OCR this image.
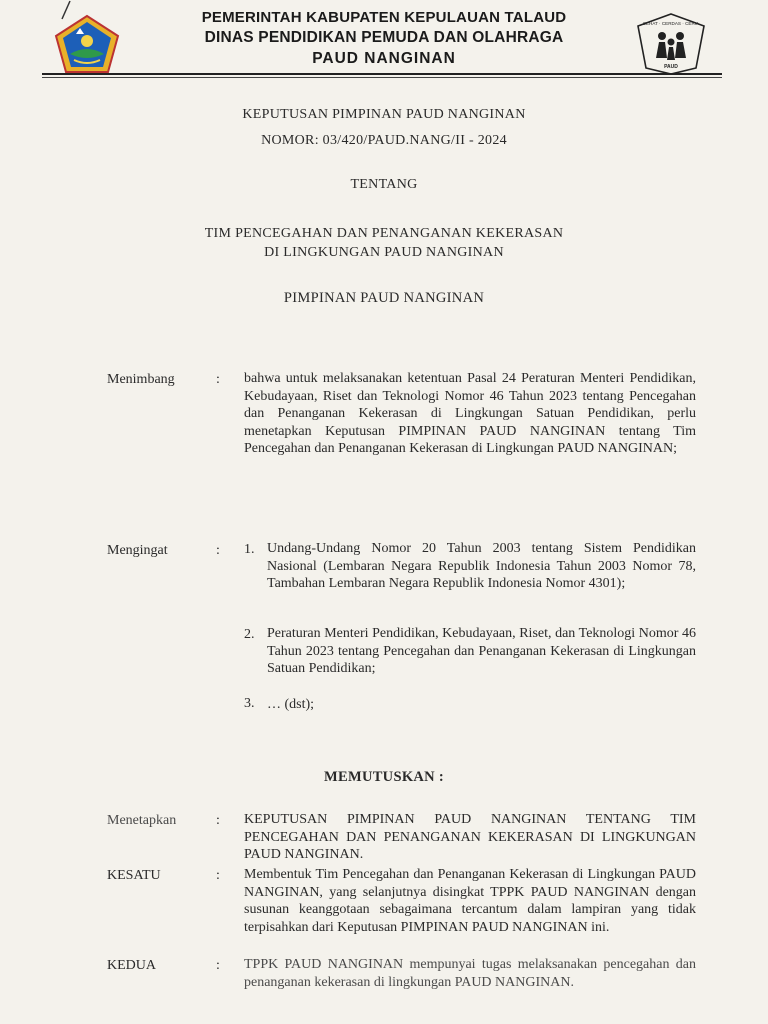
PEMERINTAH KABUPATEN KEPULAUAN TALAUD
DINAS PENDIDIKAN PEMUDA DAN OLAHRAGA
PAUD NANGINAN
SEHAT · CERDAS · CERIA
PAUD
KEPUTUSAN PIMPINAN PAUD NANGINAN
NOMOR: 03/420/PAUD.NANG/II - 2024
TENTANG
TIM PENCEGAHAN DAN PENANGANAN KEKERASAN
DI LINGKUNGAN PAUD NANGINAN
PIMPINAN PAUD NANGINAN
Menimbang	: bahwa untuk melaksanakan ketentuan Pasal 24 Peraturan Menteri Pendidikan, Kebudayaan, Riset dan Teknologi Nomor 46 Tahun 2023 tentang Pencegahan dan Penanganan Kekerasan di Lingkungan Satuan Pendidikan, perlu menetapkan Keputusan PIMPINAN PAUD NANGINAN tentang Tim Pencegahan dan Penanganan Kekerasan di Lingkungan PAUD NANGINAN;
Mengingat	: 1. Undang-Undang Nomor 20 Tahun 2003 tentang Sistem Pendidikan Nasional (Lembaran Negara Republik Indonesia Tahun 2003 Nomor 78, Tambahan Lembaran Negara Republik Indonesia Nomor 4301);
2. Peraturan Menteri Pendidikan, Kebudayaan, Riset, dan Teknologi Nomor 46 Tahun 2023 tentang Pencegahan dan Penanganan Kekerasan di Lingkungan Satuan Pendidikan;
3. … (dst);
MEMUTUSKAN :
Menetapkan	: KEPUTUSAN PIMPINAN PAUD NANGINAN TENTANG TIM PENCEGAHAN DAN PENANGANAN KEKERASAN DI LINGKUNGAN PAUD NANGINAN.
KESATU	: Membentuk Tim Pencegahan dan Penanganan Kekerasan di Lingkungan PAUD NANGINAN, yang selanjutnya disingkat TPPK PAUD NANGINAN dengan susunan keanggotaan sebagaimana tercantum dalam lampiran yang tidak terpisahkan dari Keputusan PIMPINAN PAUD NANGINAN ini.
KEDUA	: TPPK PAUD NANGINAN mempunyai tugas melaksanakan pencegahan dan penanganan kekerasan di lingkungan PAUD NANGINAN.
